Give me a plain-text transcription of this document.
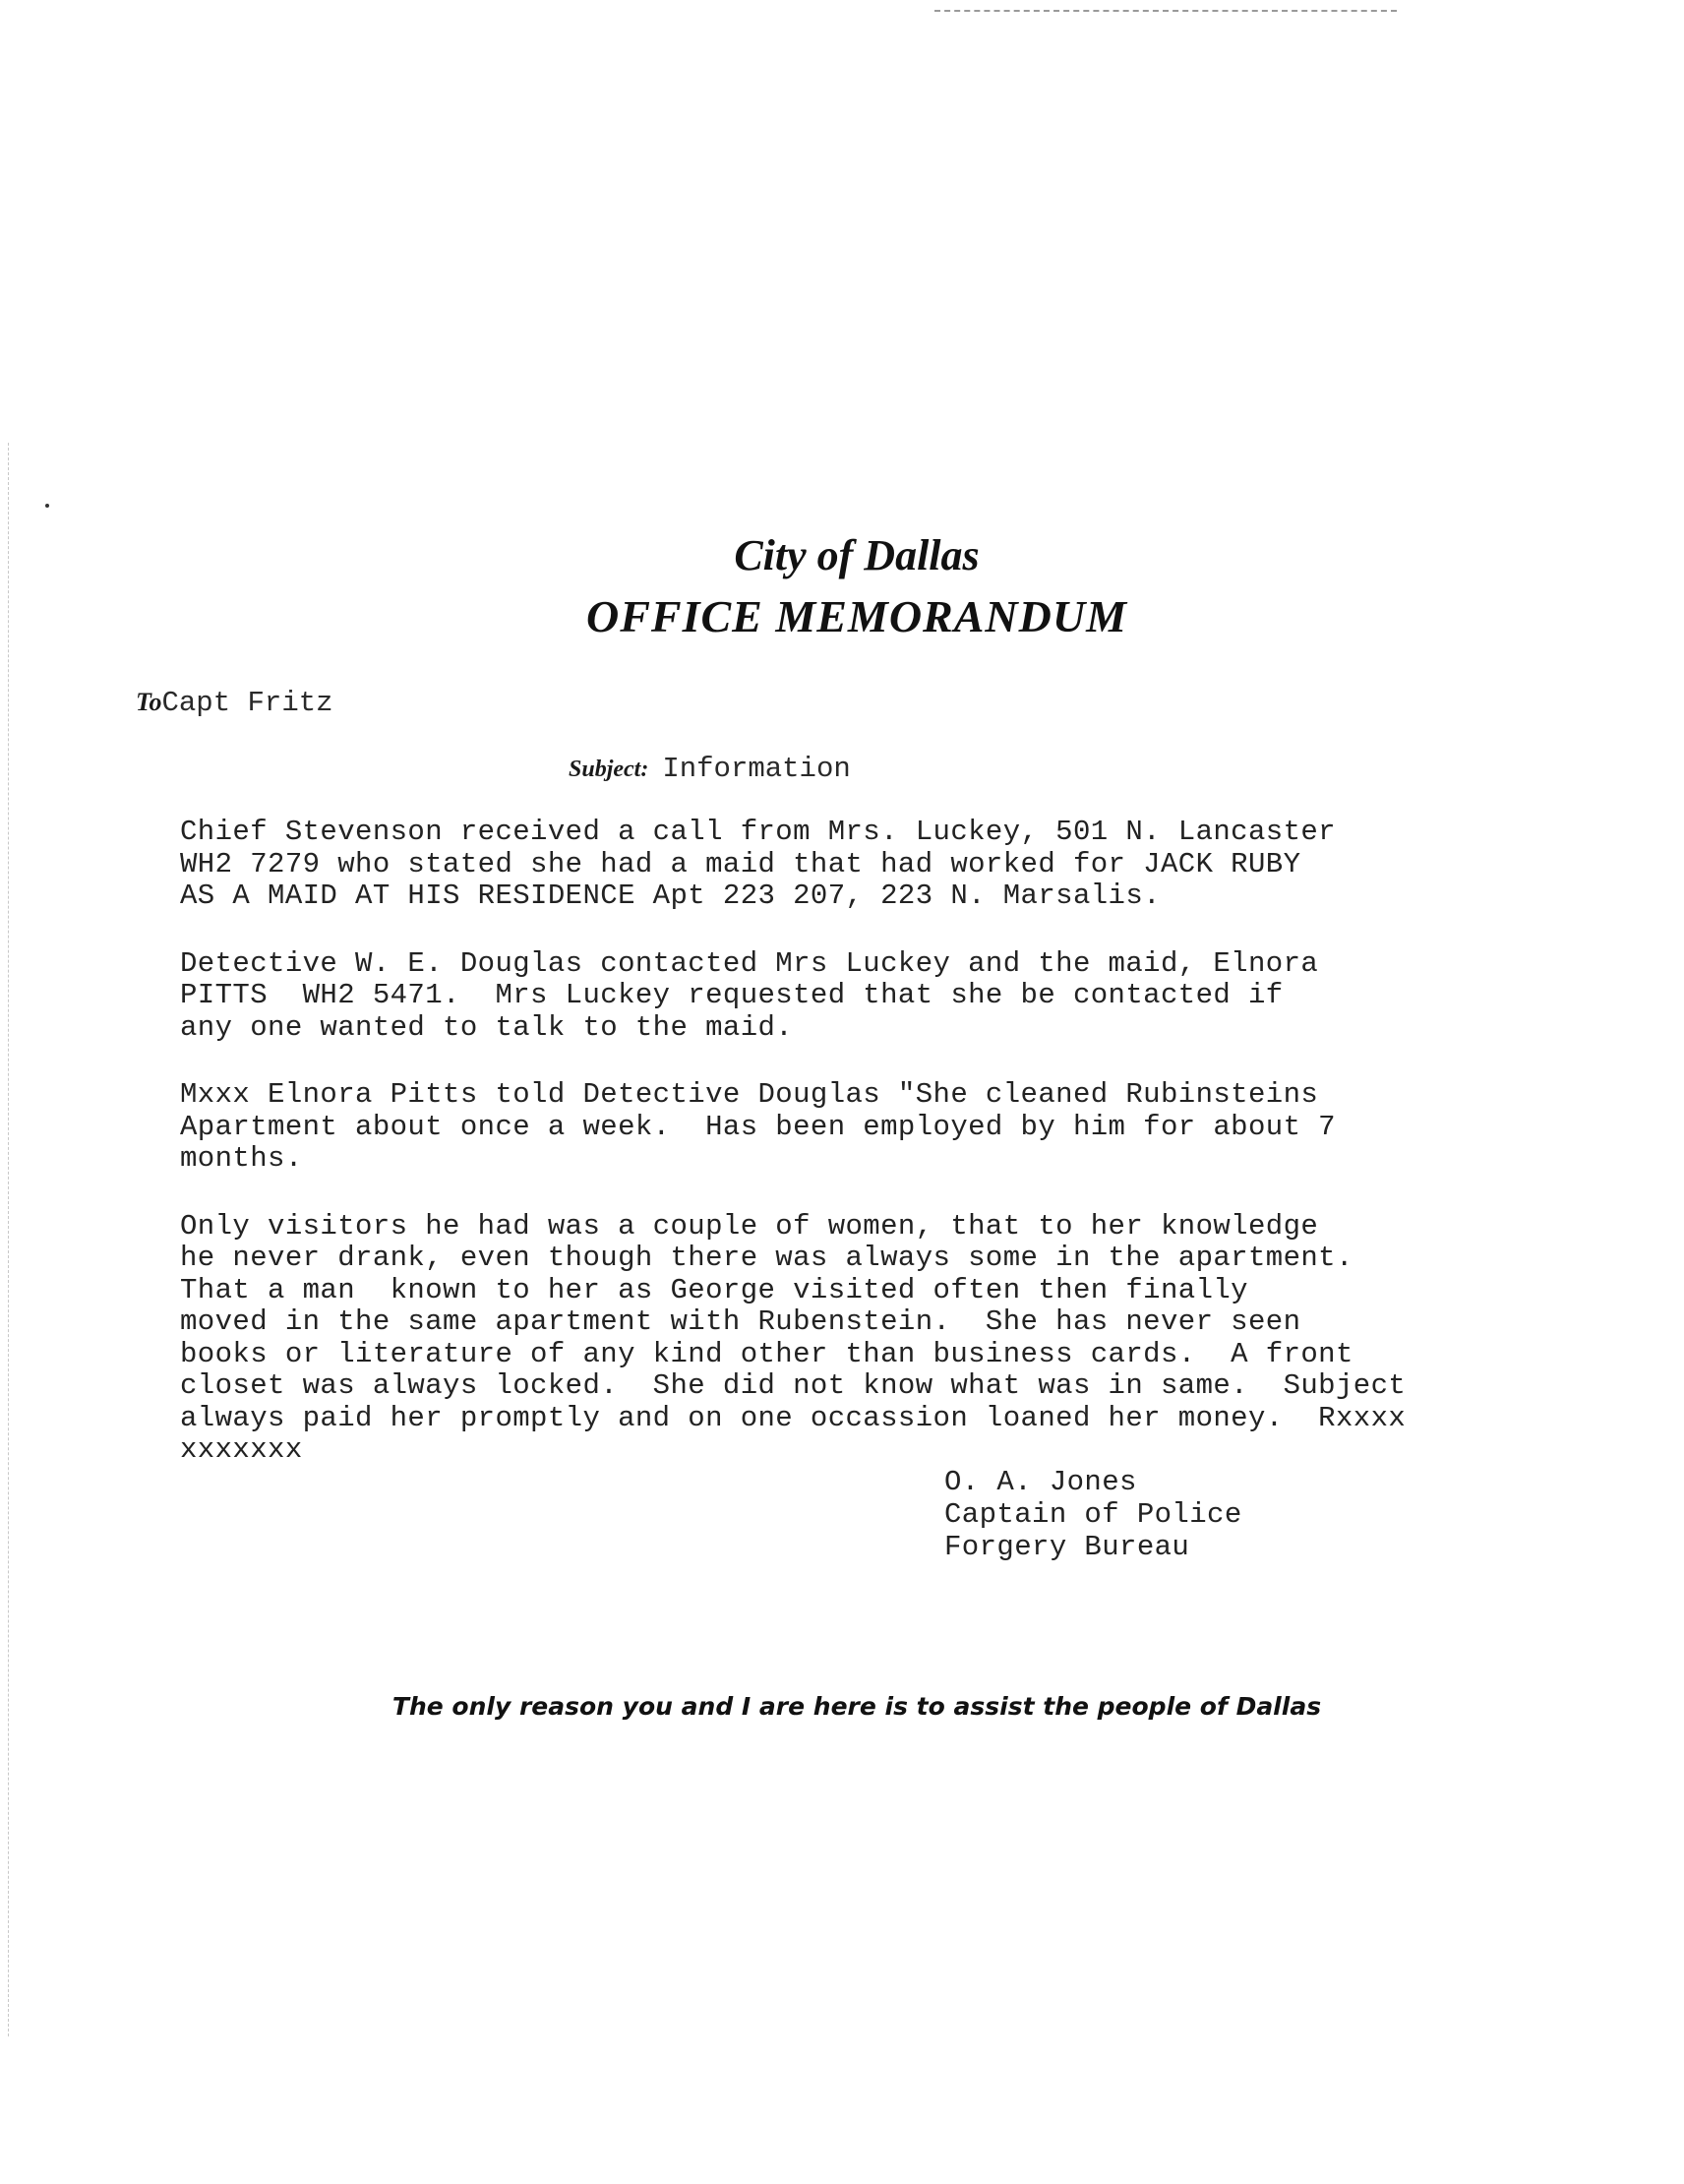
City of Dallas
OFFICE MEMORANDUM
ToCapt Fritz
Subject: Information
Chief Stevenson received a call from Mrs. Luckey, 501 N. Lancaster
WH2 7279 who stated she had a maid that had worked for JACK RUBY
AS A MAID AT HIS RESIDENCE Apt 223 207, 223 N. Marsalis.
Detective W. E. Douglas contacted Mrs Luckey and the maid, Elnora
PITTS  WH2 5471.  Mrs Luckey requested that she be contacted if
any one wanted to talk to the maid.
Mxxx Elnora Pitts told Detective Douglas "She cleaned Rubinsteins
Apartment about once a week.  Has been employed by him for about 7
months.
Only visitors he had was a couple of women, that to her knowledge
he never drank, even though there was always some in the apartment.
That a man  known to her as George visited often then finally
moved in the same apartment with Rubenstein.  She has never seen
books or literature of any kind other than business cards.  A front
closet was always locked.  She did not know what was in same.  Subject
always paid her promptly and on one occassion loaned her money.  Rxxxx
xxxxxxx
O. A. Jones
Captain of Police
Forgery Bureau
The only reason you and I are here is to assist the people of Dallas
